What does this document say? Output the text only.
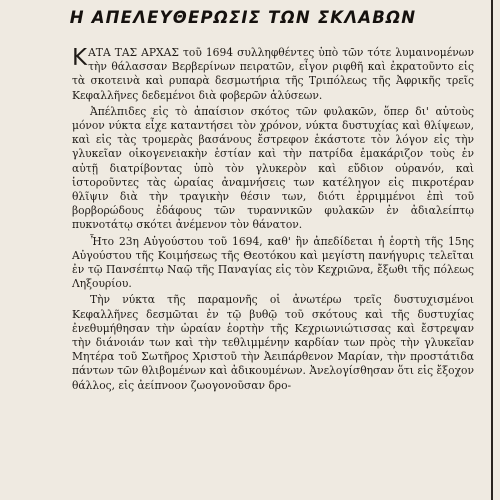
Η ΑΠΕΛΕΥΘΕΡΩΣΙΣ ΤΩΝ ΣΚΛΑΒΩΝ

ΚΑΤΑ ΤΑΣ ΑΡΧΑΣ τοῦ 1694 συλληφθέντες ὑπὸ τῶν τότε λυμαινομένων τὴν θάλασσαν Βερβερίνων πειρατῶν, εἶγον ριφθῆ καὶ ἐκρατοῦντο εἰς τὰ σκοτεινὰ καὶ ρυπαρὰ δεσμωτήρια τῆς Τριπόλεως τῆς Ἀφρικῆς τρεῖς Κεφαλλῆνες δεδεμένοι διὰ φοβερῶν ἁλύσεων.

Ἀπέλπιδες εἰς τὸ ἀπαίσιον σκότος τῶν φυλακῶν, ὅπερ δι' αὐτοὺς μόνον νύκτα εἶχε καταντήσει τὸν χρόνον, νύκτα δυστυχίας καὶ θλίψεων, καὶ εἰς τὰς τρομερὰς βασάνους ἔστρεφον ἑκάστοτε τὸν λόγον εἰς τὴν γλυκεῖαν οἰκογενειακὴν ἑστίαν καὶ τὴν πατρίδα ἐμακάριζον τοὺς ἐν αὐτῇ διατρίβοντας ὑπὸ τὸν γλυκερὸν καὶ εὔδιον οὐρανόν, καὶ ἱστοροῦντες τὰς ὡραίας ἀναμνήσεις των κατέληγον εἰς πικροτέραν θλῖψιν διὰ τὴν τραγικὴν θέσιν των, διότι ἐρριμμένοι ἐπὶ τοῦ βορβορώδους ἐδάφους τῶν τυραννικῶν φυλακῶν ἐν ἀδιαλείπτῳ πυκνοτάτῳ σκότει ἀνέμενον τὸν θάνατον.

Ἦτο 23η Αὐγούστου τοῦ 1694, καθ' ἣν ἀπεδίδεται ἡ ἑορτὴ τῆς 15ης Αὐγούστου τῆς Κοιμήσεως τῆς Θεοτόκου καὶ μεγίστη πανήγυρις τελεῖται ἐν τῷ Πανσέπτῳ Ναῷ τῆς Παναγίας εἰς τὸν Κεχριῶνα, ἔξωθι τῆς πόλεως Ληξουρίου.

Τὴν νύκτα τῆς παραμονῆς οἱ ἀνωτέρω τρεῖς δυστυχισμένοι Κεφαλλῆνες δεσμῶται ἐν τῷ βυθῷ τοῦ σκότους καὶ τῆς δυστυχίας ἐνεθυμήθησαν τὴν ὡραίαν ἑορτὴν τῆς Κεχριωνιώτισσας καὶ ἔστρεψαν τὴν διάνοιάν των καὶ τὴν τεθλιμμένην καρδίαν των πρὸς τὴν γλυκεῖαν Μητέρα τοῦ Σωτῆρος Χριστοῦ τὴν Ἀειπάρθενον Μαρίαν, τὴν προστάτιδα πάντων τῶν θλιβομένων καὶ ἀδικουμένων. Ἀνελογίσθησαν ὅτι εἰς ἔξοχον θάλλος, εἰς ἀείπνοον ζωογονοῦσαν δρο-
